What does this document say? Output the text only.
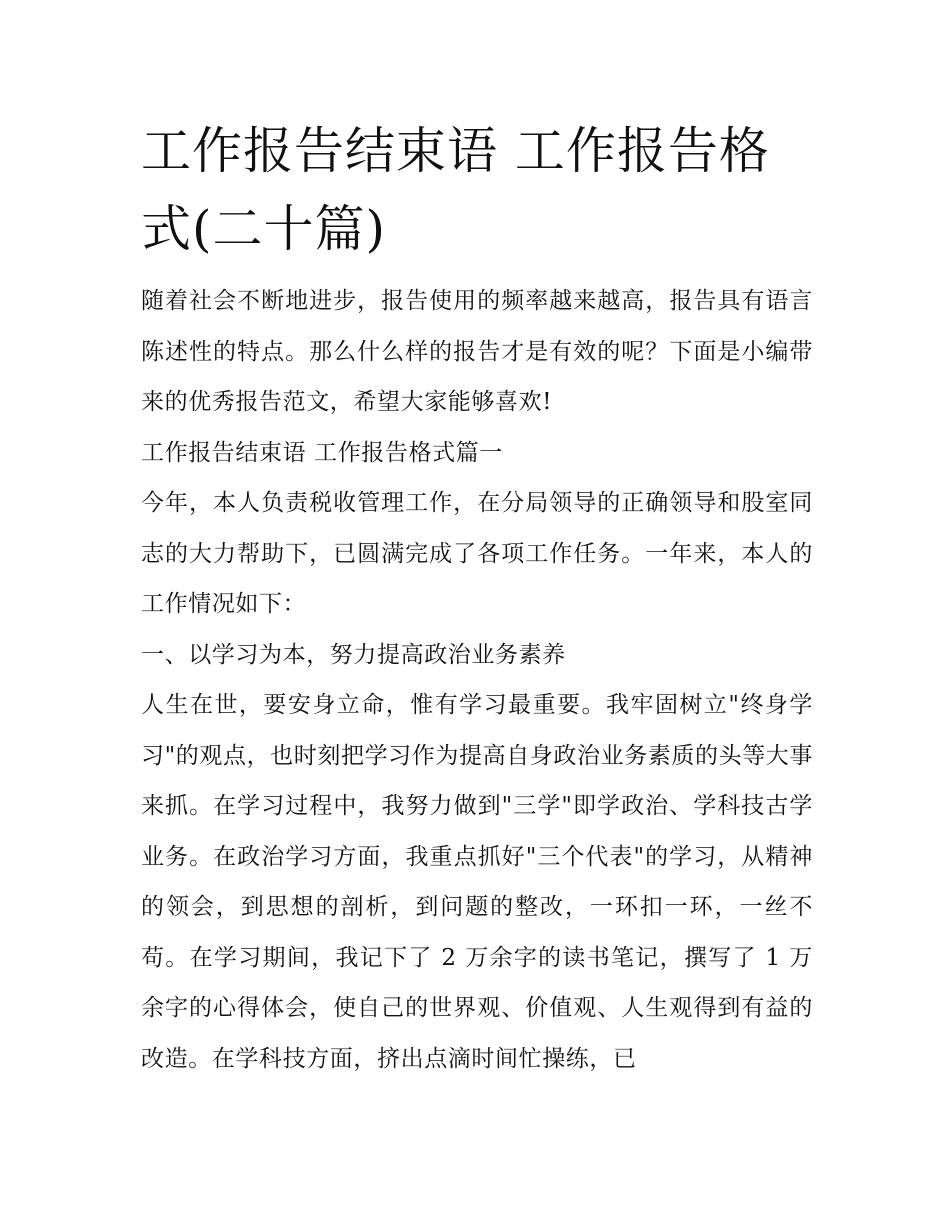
工作报告结束语 工作报告格式(二十篇)

随着社会不断地进步，报告使用的频率越来越高，报告具有语言陈述性的特点。那么什么样的报告才是有效的呢？下面是小编带来的优秀报告范文，希望大家能够喜欢!

工作报告结束语 工作报告格式篇一

今年，本人负责税收管理工作，在分局领导的正确领导和股室同志的大力帮助下，已圆满完成了各项工作任务。一年来，本人的工作情况如下：

一、以学习为本，努力提高政治业务素养

人生在世，要安身立命，惟有学习最重要。我牢固树立"终身学习"的观点，也时刻把学习作为提高自身政治业务素质的头等大事来抓。在学习过程中，我努力做到"三学"即学政治、学科技古学业务。在政治学习方面，我重点抓好"三个代表"的学习，从精神的领会，到思想的剖析，到问题的整改，一环扣一环，一丝不苟。在学习期间，我记下了 2 万余字的读书笔记，撰写了 1 万余字的心得体会，使自己的世界观、价值观、人生观得到有益的改造。在学科技方面，挤出点滴时间忙操练，已
